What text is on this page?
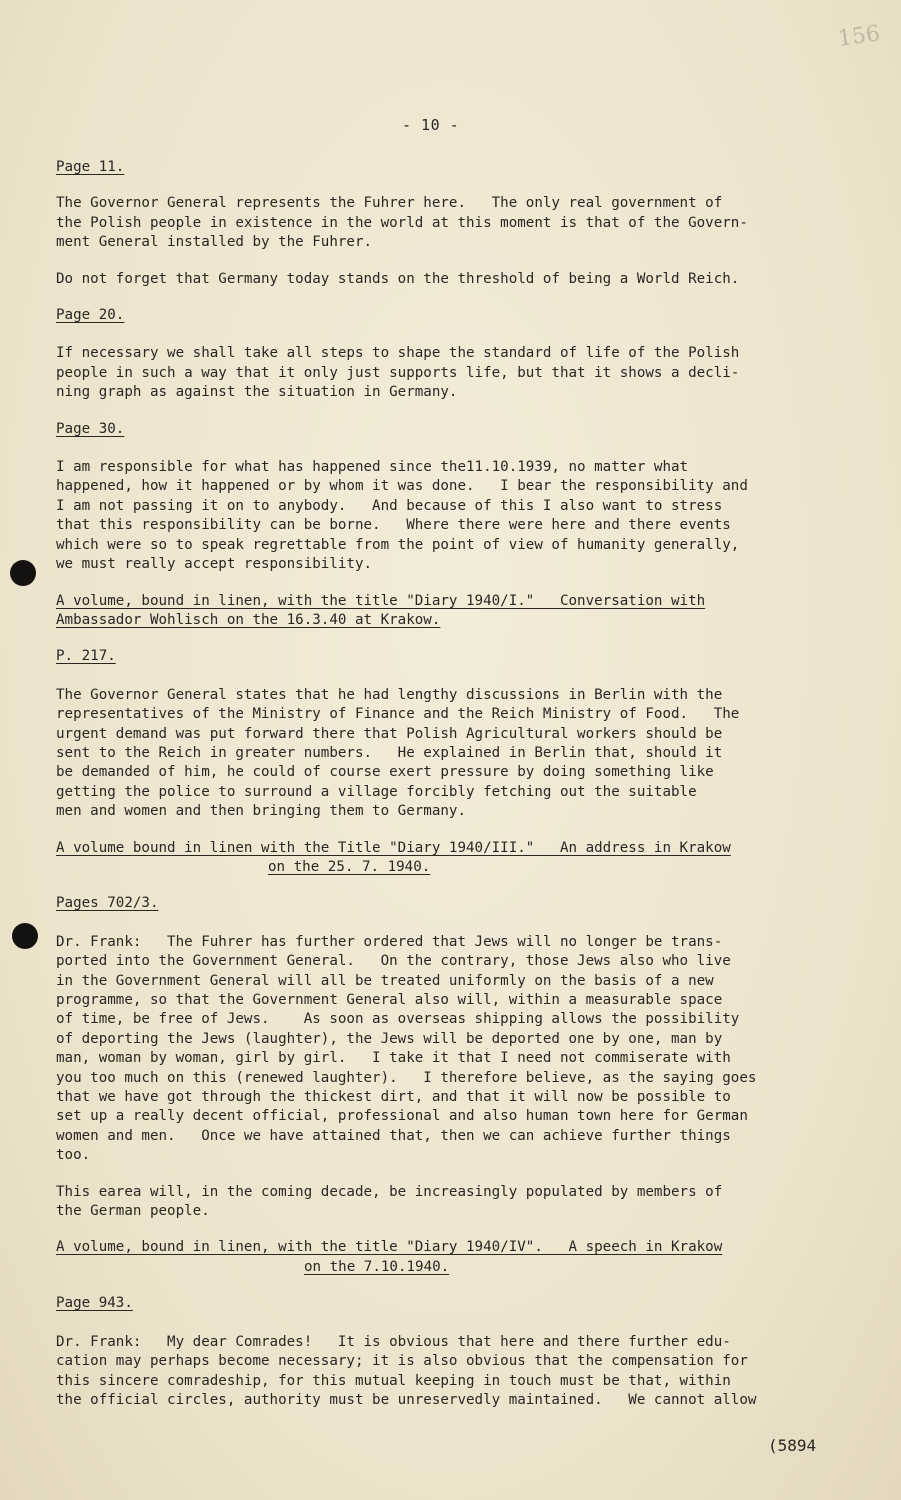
156
- 10 -

Page 11.

The Governor General represents the Fuhrer here.   The only real government of
the Polish people in existence in the world at this moment is that of the Govern-
ment General installed by the Fuhrer.

Do not forget that Germany today stands on the threshold of being a World Reich.

Page 20.

If necessary we shall take all steps to shape the standard of life of the Polish
people in such a way that it only just supports life, but that it shows a decli-
ning graph as against the situation in Germany.

Page 30.

I am responsible for what has happened since the11.10.1939, no matter what
happened, how it happened or by whom it was done.   I bear the responsibility and
I am not passing it on to anybody.   And because of this I also want to stress
that this responsibility can be borne.   Where there were here and there events
which were so to speak regrettable from the point of view of humanity generally,
we must really accept responsibility.

A volume, bound in linen, with the title "Diary 1940/I."   Conversation with
Ambassador Wohlisch on the 16.3.40 at Krakow.

P. 217.

The Governor General states that he had lengthy discussions in Berlin with the
representatives of the Ministry of Finance and the Reich Ministry of Food.   The
urgent demand was put forward there that Polish Agricultural workers should be
sent to the Reich in greater numbers.   He explained in Berlin that, should it
be demanded of him, he could of course exert pressure by doing something like
getting the police to surround a village forcibly fetching out the suitable
men and women and then bringing them to Germany.

A volume bound in linen with the Title "Diary 1940/III."   An address in Krakow

on the 25. 7. 1940.

Pages 702/3.

Dr. Frank:   The Fuhrer has further ordered that Jews will no longer be trans-
ported into the Government General.   On the contrary, those Jews also who live
in the Government General will all be treated uniformly on the basis of a new
programme, so that the Government General also will, within a measurable space
of time, be free of Jews.    As soon as overseas shipping allows the possibility
of deporting the Jews (laughter), the Jews will be deported one by one, man by
man, woman by woman, girl by girl.   I take it that I need not commiserate with
you too much on this (renewed laughter).   I therefore believe, as the saying goes
that we have got through the thickest dirt, and that it will now be possible to
set up a really decent official, professional and also human town here for German
women and men.   Once we have attained that, then we can achieve further things
too.

This earea will, in the coming decade, be increasingly populated by members of
the German people.

A volume, bound in linen, with the title "Diary 1940/IV".   A speech in Krakow

on the 7.10.1940.

Page 943.

Dr. Frank:   My dear Comrades!   It is obvious that here and there further edu-
cation may perhaps become necessary; it is also obvious that the compensation for
this sincere comradeship, for this mutual keeping in touch must be that, within
the official circles, authority must be unreservedly maintained.   We cannot allow

(5894
